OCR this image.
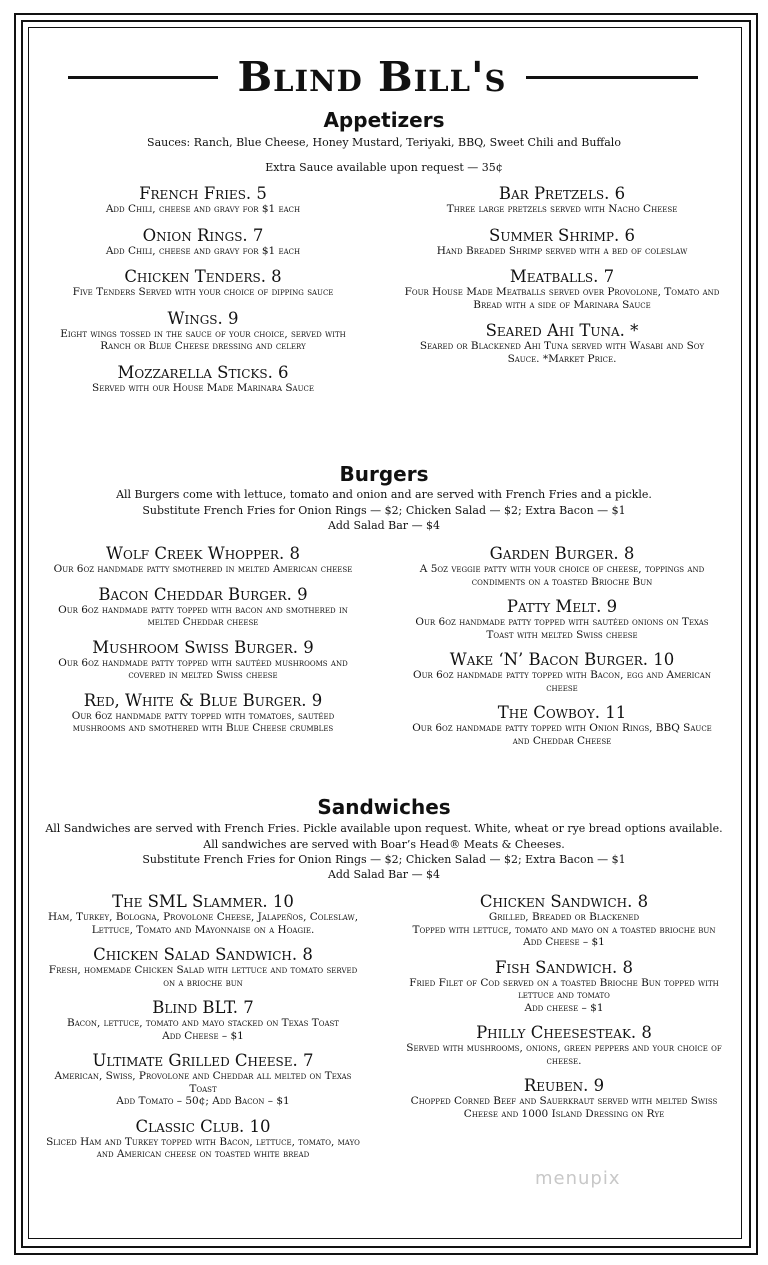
Blind Bill's
Appetizers
Sauces: Ranch, Blue Cheese, Honey Mustard, Teriyaki, BBQ, Sweet Chili and Buffalo
Extra Sauce available upon request — 35¢
French Fries. 5
Add Chili, cheese and gravy for $1 each
Onion Rings. 7
Add Chili, cheese and gravy for $1 each
Chicken Tenders. 8
Five Tenders Served with your choice of dipping sauce
Wings. 9
Eight wings tossed in the sauce of your choice, served with Ranch or Blue Cheese dressing and celery
Mozzarella Sticks. 6
Served with our House Made Marinara Sauce
Bar Pretzels. 6
Three large pretzels served with Nacho Cheese
Summer Shrimp. 6
Hand Breaded Shrimp served with a bed of coleslaw
Meatballs. 7
Four House Made Meatballs served over Provolone, Tomato and Bread with a side of Marinara Sauce
Seared Ahi Tuna. *
Seared or Blackened Ahi Tuna served with Wasabi and Soy Sauce. *Market Price.
Burgers
All Burgers come with lettuce, tomato and onion and are served with French Fries and a pickle.
Substitute French Fries for Onion Rings — $2; Chicken Salad — $2; Extra Bacon — $1
Add Salad Bar — $4
Wolf Creek Whopper. 8
Our 6oz handmade patty smothered in melted American cheese
Bacon Cheddar Burger. 9
Our 6oz handmade patty topped with bacon and smothered in melted Cheddar cheese
Mushroom Swiss Burger. 9
Our 6oz handmade patty topped with sautéed mushrooms and covered in melted Swiss cheese
Red, White & Blue Burger. 9
Our 6oz handmade patty topped with tomatoes, sautéed mushrooms and smothered with Blue Cheese crumbles
Garden Burger. 8
A 5oz veggie patty with your choice of cheese, toppings and condiments on a toasted Brioche Bun
Patty Melt. 9
Our 6oz handmade patty topped with sautéed onions on Texas Toast with melted Swiss cheese
Wake ‘N’ Bacon Burger. 10
Our 6oz handmade patty topped with Bacon, egg and American cheese
The Cowboy. 11
Our 6oz handmade patty topped with Onion Rings, BBQ Sauce and Cheddar Cheese
Sandwiches
All Sandwiches are served with French Fries. Pickle available upon request. White, wheat or rye bread options available.
All sandwiches are served with Boar’s Head® Meats & Cheeses.
Substitute French Fries for Onion Rings — $2; Chicken Salad — $2; Extra Bacon — $1
Add Salad Bar — $4
The SML Slammer. 10
Ham, Turkey, Bologna, Provolone Cheese, Jalapeños, Coleslaw, Lettuce, Tomato and Mayonnaise on a Hoagie.
Chicken Salad Sandwich. 8
Fresh, homemade Chicken Salad with lettuce and tomato served on a brioche bun
Blind BLT. 7
Bacon, lettuce, tomato and mayo stacked on Texas Toast
Add Cheese – $1
Ultimate Grilled Cheese. 7
American, Swiss, Provolone and Cheddar all melted on Texas Toast
Add Tomato – 50¢; Add Bacon – $1
Classic Club. 10
Sliced Ham and Turkey topped with Bacon, lettuce, tomato, mayo and American cheese on toasted white bread
Chicken Sandwich. 8
Grilled, Breaded or Blackened
Topped with lettuce, tomato and mayo on a toasted brioche bun
Add Cheese – $1
Fish Sandwich. 8
Fried Filet of Cod served on a toasted Brioche Bun topped with lettuce and tomato
Add cheese – $1
Philly Cheesesteak. 8
Served with mushrooms, onions, green peppers and your choice of cheese.
Reuben. 9
Chopped Corned Beef and Sauerkraut served with melted Swiss Cheese and 1000 Island Dressing on Rye
menupix
